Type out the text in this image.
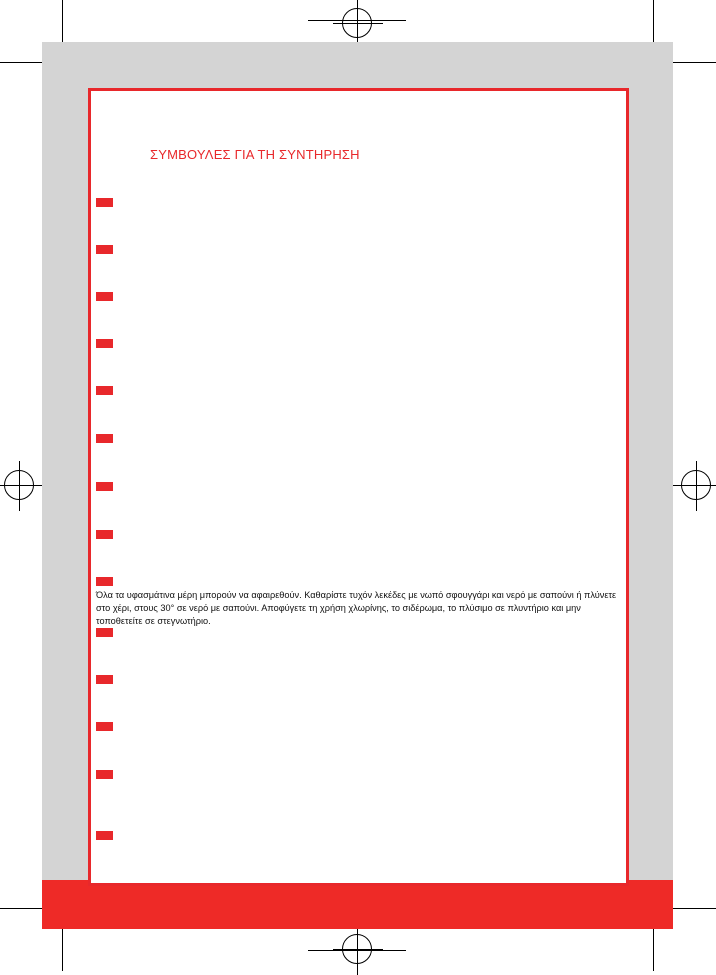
ΣΥΜΒΟΥΛΕΣ ΓΙΑ ΤΗ ΣΥΝΤΗΡΗΣΗ

Όλα τα υφασμάτινα μέρη μπορούν να αφαιρεθούν. Καθαρίστε τυχόν λεκέδες με νωπό σφουγγάρι και νερό με σαπούνι ή πλύνετε στο χέρι, στους 30° σε νερό με σαπούνι. Αποφύγετε τη χρήση χλωρίνης, το σιδέρωμα, το πλύσιμο σε πλυντήριο και μην τοποθετείτε σε στεγνωτήριο.
